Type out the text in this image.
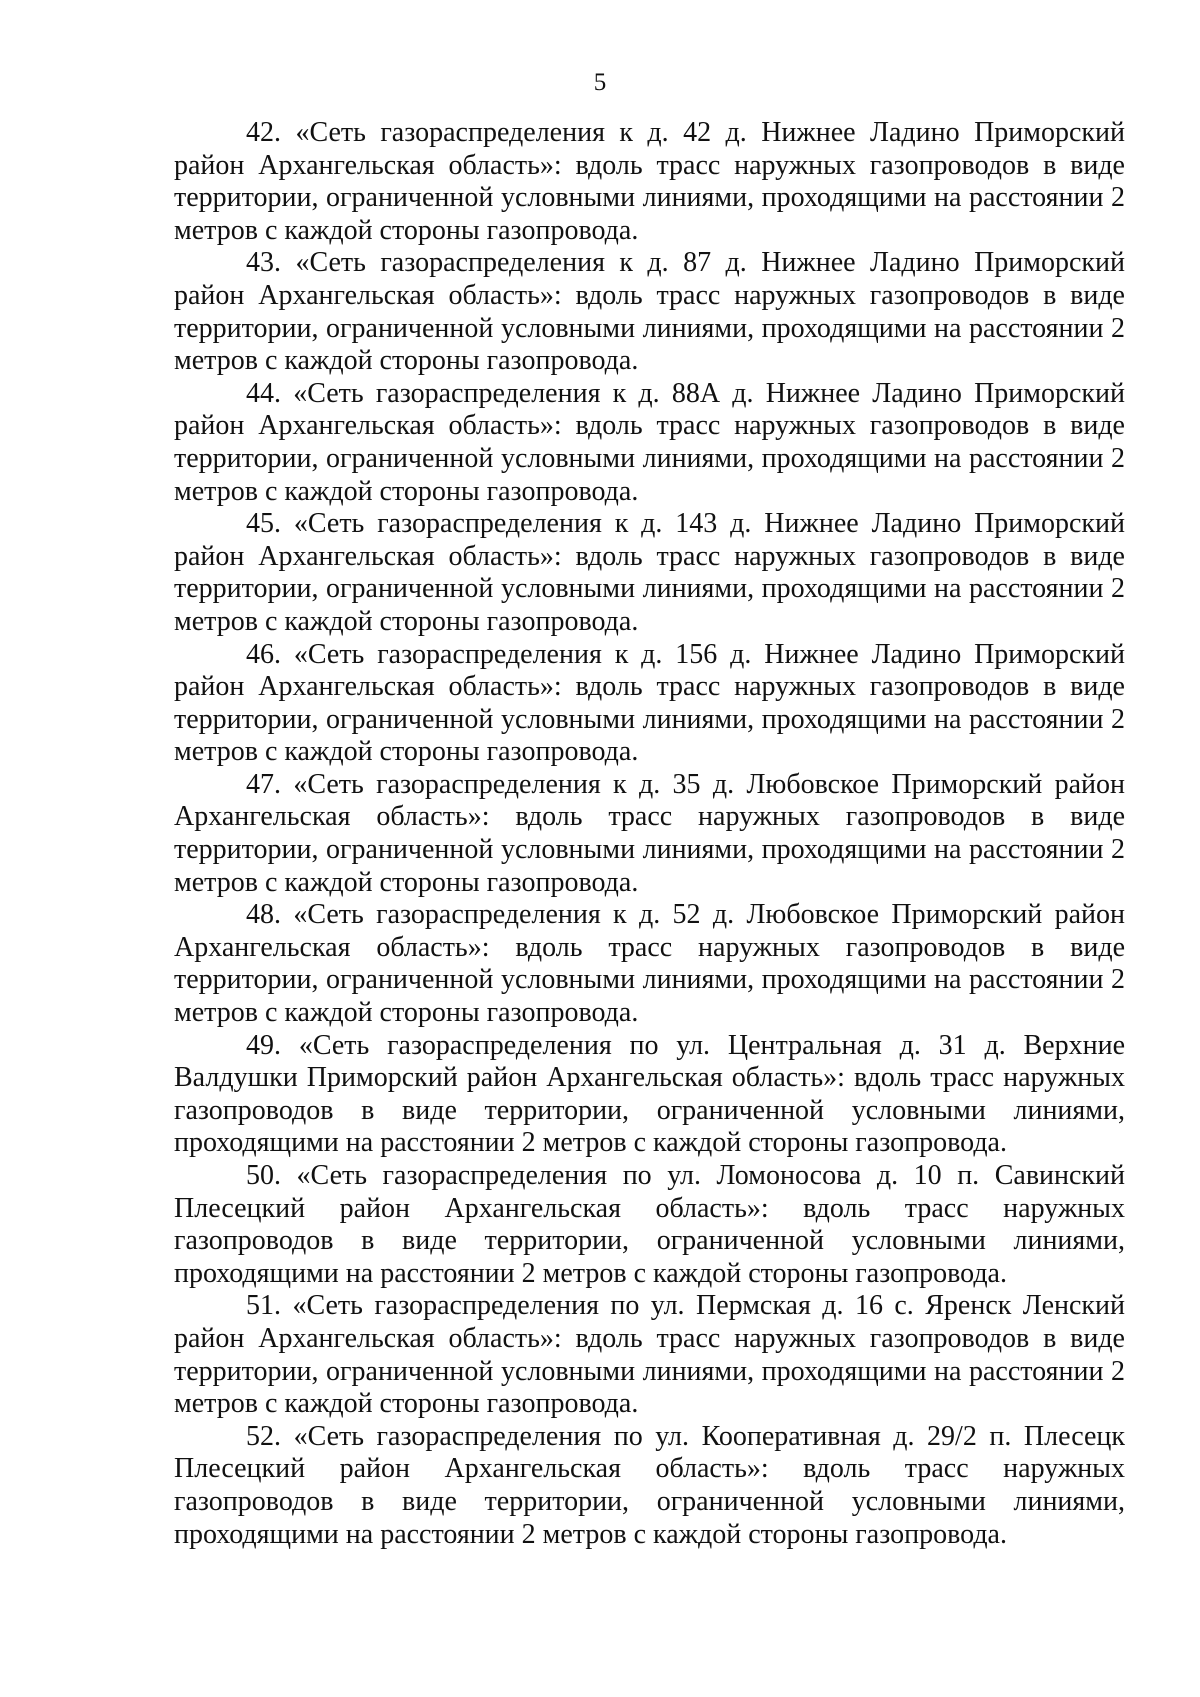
5

42. «Сеть газораспределения к д. 42 д. Нижнее Ладино Приморский район Архангельская область»: вдоль трасс наружных газопроводов в виде территории, ограниченной условными линиями, проходящими на расстоянии 2 метров с каждой стороны газопровода.

43. «Сеть газораспределения к д. 87 д. Нижнее Ладино Приморский район Архангельская область»: вдоль трасс наружных газопроводов в виде территории, ограниченной условными линиями, проходящими на расстоянии 2 метров с каждой стороны газопровода.

44. «Сеть газораспределения к д. 88А д. Нижнее Ладино Приморский район Архангельская область»: вдоль трасс наружных газопроводов в виде территории, ограниченной условными линиями, проходящими на расстоянии 2 метров с каждой стороны газопровода.

45. «Сеть газораспределения к д. 143 д. Нижнее Ладино Приморский район Архангельская область»: вдоль трасс наружных газопроводов в виде территории, ограниченной условными линиями, проходящими на расстоянии 2 метров с каждой стороны газопровода.

46. «Сеть газораспределения к д. 156 д. Нижнее Ладино Приморский район Архангельская область»: вдоль трасс наружных газопроводов в виде территории, ограниченной условными линиями, проходящими на расстоянии 2 метров с каждой стороны газопровода.

47. «Сеть газораспределения к д. 35 д. Любовское Приморский район Архангельская область»: вдоль трасс наружных газопроводов в виде территории, ограниченной условными линиями, проходящими на расстоянии 2 метров с каждой стороны газопровода.

48. «Сеть газораспределения к д. 52 д. Любовское Приморский район Архангельская область»: вдоль трасс наружных газопроводов в виде территории, ограниченной условными линиями, проходящими на расстоянии 2 метров с каждой стороны газопровода.

49. «Сеть газораспределения по ул. Центральная д. 31 д. Верхние Валдушки Приморский район Архангельская область»: вдоль трасс наружных газопроводов в виде территории, ограниченной условными линиями, проходящими на расстоянии 2 метров с каждой стороны газопровода.

50. «Сеть газораспределения по ул. Ломоносова д. 10 п. Савинский Плесецкий район Архангельская область»: вдоль трасс наружных газопроводов в виде территории, ограниченной условными линиями, проходящими на расстоянии 2 метров с каждой стороны газопровода.

51. «Сеть газораспределения по ул. Пермская д. 16 с. Яренск Ленский район Архангельская область»: вдоль трасс наружных газопроводов в виде территории, ограниченной условными линиями, проходящими на расстоянии 2 метров с каждой стороны газопровода.

52. «Сеть газораспределения по ул. Кооперативная д. 29/2 п. Плесецк Плесецкий район Архангельская область»: вдоль трасс наружных газопроводов в виде территории, ограниченной условными линиями, проходящими на расстоянии 2 метров с каждой стороны газопровода.
